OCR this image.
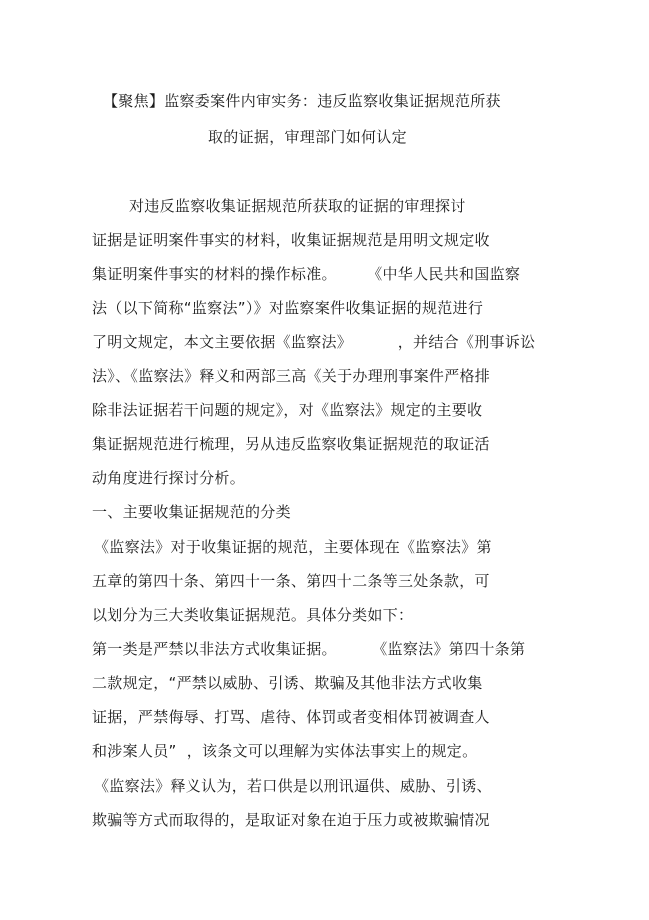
【聚焦】监察委案件内审实务：违反监察收集证据规范所获
取的证据，审理部门如何认定
对违反监察收集证据规范所获取的证据的审理探讨
证据是证明案件事实的材料，收集证据规范是用明文规定收
集证明案件事实的材料的操作标准。      《中华人民共和国监察
法（以下简称“监察法”）》对监察案件收集证据的规范进行
了明文规定，本文主要依据《监察法》         ，并结合《刑事诉讼
法》、《监察法》释义和两部三高《关于办理刑事案件严格排
除非法证据若干问题的规定》，对《监察法》规定的主要收
集证据规范进行梳理，另从违反监察收集证据规范的取证活
动角度进行探讨分析。
一、主要收集证据规范的分类
《监察法》对于收集证据的规范，主要体现在《监察法》第
五章的第四十条、第四十一条、第四十二条等三处条款，可
以划分为三大类收集证据规范。具体分类如下：
第一类是严禁以非法方式收集证据。       《监察法》第四十条第
二款规定，“严禁以威胁、引诱、欺骗及其他非法方式收集
证据，严禁侮辱、打骂、虐待、体罚或者变相体罚被调查人
和涉案人员”  ，该条文可以理解为实体法事实上的规定。
《监察法》释义认为，若口供是以刑讯逼供、威胁、引诱、
欺骗等方式而取得的，是取证对象在迫于压力或被欺骗情况
